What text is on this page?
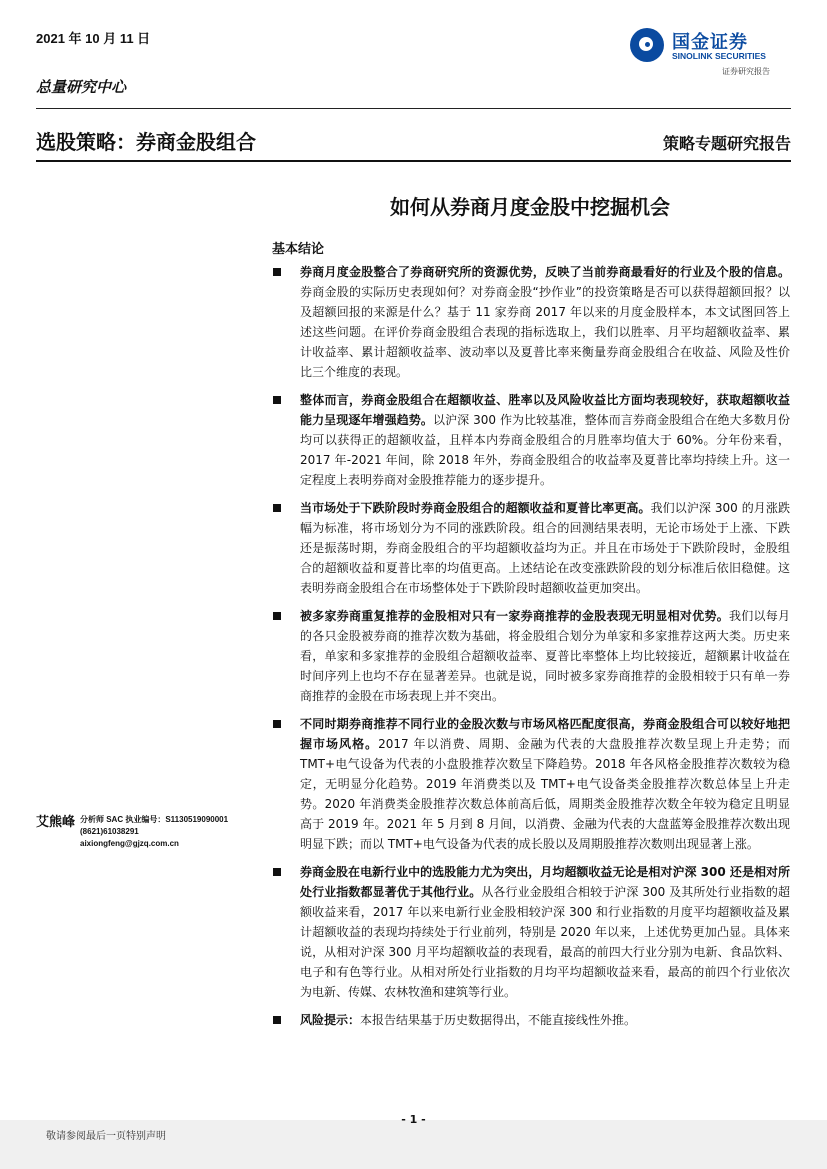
2021 年 10 月 11 日	国金证券
SINOLINK SECURITIES
证券研究报告
总量研究中心
选股策略：券商金股组合	策略专题研究报告
如何从券商月度金股中挖掘机会
基本结论
券商月度金股整合了券商研究所的资源优势，反映了当前券商最看好的行业及个股的信息。券商金股的实际历史表现如何？对券商金股“抄作业”的投资策略是否可以获得超额回报？以及超额回报的来源是什么？基于 11 家券商 2017 年以来的月度金股样本，本文试图回答上述这些问题。在评价券商金股组合表现的指标选取上，我们以胜率、月平均超额收益率、累计收益率、累计超额收益率、波动率以及夏普比率来衡量券商金股组合在收益、风险及性价比三个维度的表现。
整体而言，券商金股组合在超额收益、胜率以及风险收益比方面均表现较好，获取超额收益能力呈现逐年增强趋势。以沪深 300 作为比较基准，整体而言券商金股组合在绝大多数月份均可以获得正的超额收益，且样本内券商金股组合的月胜率均值大于 60%。分年份来看，2017 年-2021 年间，除 2018 年外，券商金股组合的收益率及夏普比率均持续上升。这一定程度上表明券商对金股推荐能力的逐步提升。
当市场处于下跌阶段时券商金股组合的超额收益和夏普比率更高。我们以沪深 300 的月涨跌幅为标准，将市场划分为不同的涨跌阶段。组合的回测结果表明，无论市场处于上涨、下跌还是振荡时期，券商金股组合的平均超额收益均为正。并且在市场处于下跌阶段时，金股组合的超额收益和夏普比率的均值更高。上述结论在改变涨跌阶段的划分标准后依旧稳健。这表明券商金股组合在市场整体处于下跌阶段时超额收益更加突出。
被多家券商重复推荐的金股相对只有一家券商推荐的金股表现无明显相对优势。我们以每月的各只金股被券商的推荐次数为基础，将金股组合划分为单家和多家推荐这两大类。历史来看，单家和多家推荐的金股组合超额收益率、夏普比率整体上均比较接近，超额累计收益在时间序列上也均不存在显著差异。也就是说，同时被多家券商推荐的金股相较于只有单一券商推荐的金股在市场表现上并不突出。
不同时期券商推荐不同行业的金股次数与市场风格匹配度很高，券商金股组合可以较好地把握市场风格。2017 年以消费、周期、金融为代表的大盘股推荐次数呈现上升走势；而 TMT+电气设备为代表的小盘股推荐次数呈下降趋势。2018 年各风格金股推荐次数较为稳定，无明显分化趋势。2019 年消费类以及 TMT+电气设备类金股推荐次数总体呈上升走势。2020 年消费类金股推荐次数总体前高后低，周期类金股推荐次数全年较为稳定且明显高于 2019 年。2021 年 5 月到 8 月间，以消费、金融为代表的大盘蓝筹金股推荐次数出现明显下跌；而以 TMT+电气设备为代表的成长股以及周期股推荐次数则出现显著上涨。
券商金股在电新行业中的选股能力尤为突出，月均超额收益无论是相对沪深 300 还是相对所处行业指数都显著优于其他行业。从各行业金股组合相较于沪深 300 及其所处行业指数的超额收益来看，2017 年以来电新行业金股相较沪深 300 和行业指数的月度平均超额收益及累计超额收益的表现均持续处于行业前列，特别是 2020 年以来，上述优势更加凸显。具体来说，从相对沪深 300 月平均超额收益的表现看，最高的前四大行业分别为电新、食品饮料、电子和有色等行业。从相对所处行业指数的月均平均超额收益来看，最高的前四个行业依次为电新、传媒、农林牧渔和建筑等行业。
风险提示：本报告结果基于历史数据得出，不能直接线性外推。
艾熊峰 分析师 SAC 执业编号：S1130519090001
(8621)61038291
aixiongfeng@gjzq.com.cn
- 1 -
敬请参阅最后一页特别声明
